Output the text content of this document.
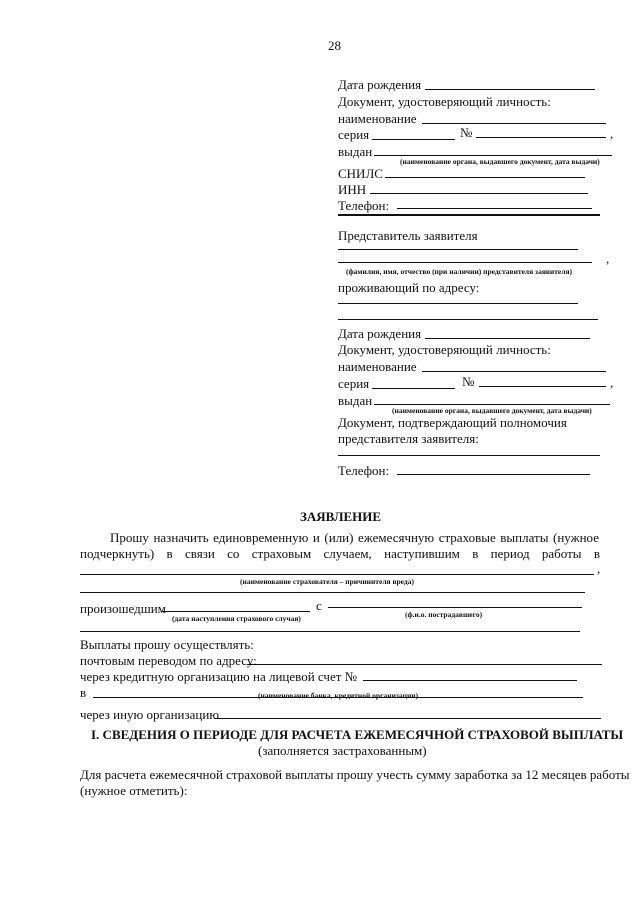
28
Дата рождения
Документ, удостоверяющий личность:
наименование
серия	№	,
выдан
(наименование органа, выдавшего документ, дата выдачи)
СНИЛС
ИНН
Телефон:
Представитель заявителя
,
(фамилия, имя, отчество (при наличии) представителя заявителя)
проживающий по адресу:
Дата рождения
Документ, удостоверяющий личность:
наименование
серия	№	,
выдан
(наименование органа, выдавшего документ, дата выдачи)
Документ, подтверждающий полномочия
представителя заявителя:
Телефон:
ЗАЯВЛЕНИЕ
Прошу назначить единовременную и (или) ежемесячную страховые выплаты (нужное
подчеркнуть) в связи со страховым случаем, наступившим в период работы в
,
(наименование страхователя – причинителя вреда)
произошедшим	с
(дата наступления страхового случая)	(ф.и.о. пострадавшего)
Выплаты прошу осуществлять:
почтовым переводом по адресу:
через кредитную организацию на лицевой счет №
в	(наименование банка, кредитной организации)
через иную организацию
I. СВЕДЕНИЯ О ПЕРИОДЕ ДЛЯ РАСЧЕТА ЕЖЕМЕСЯЧНОЙ СТРАХОВОЙ ВЫПЛАТЫ
(заполняется застрахованным)
Для расчета ежемесячной страховой выплаты прошу учесть сумму заработка за 12 месяцев работы
(нужное отметить):
